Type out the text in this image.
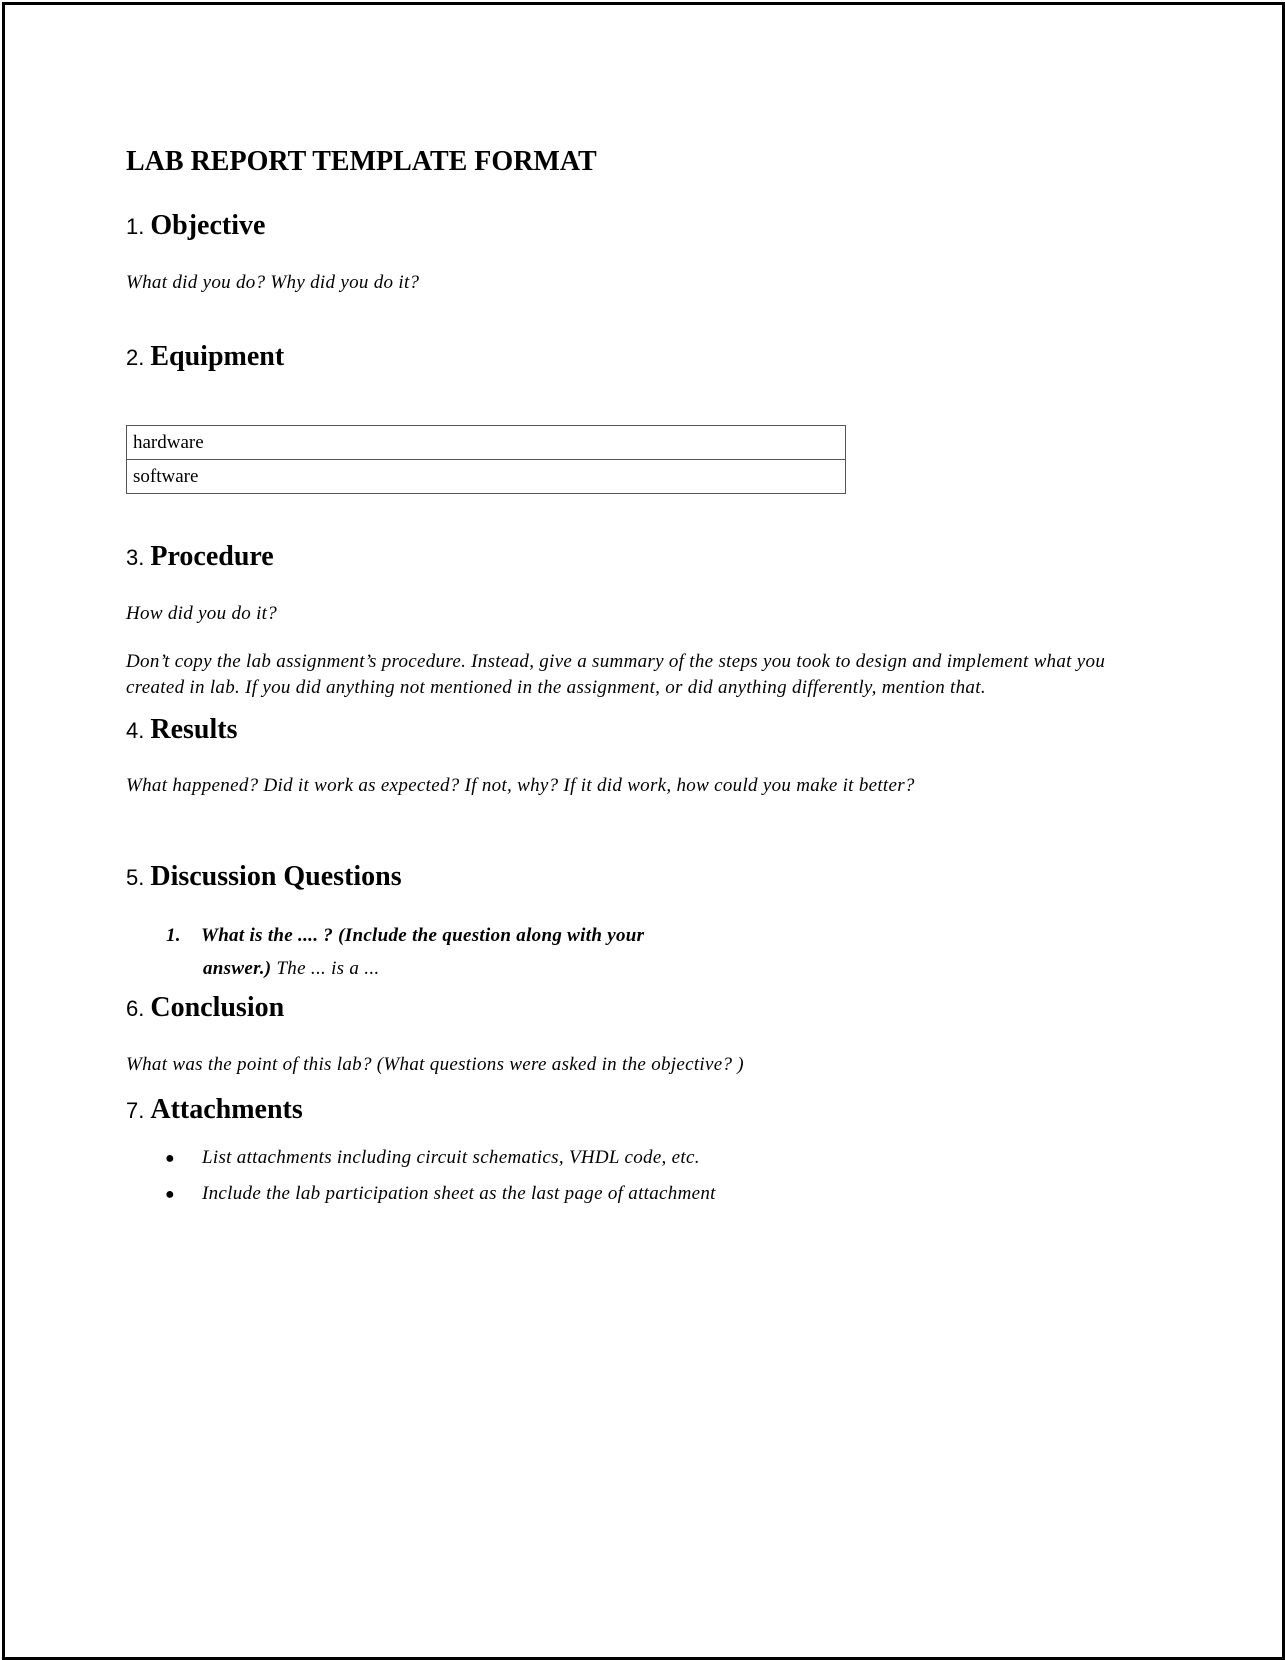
LAB REPORT TEMPLATE FORMAT
1. Objective

What did you do? Why did you do it?

2. Equipment
hardware
software
3. Procedure

How did you do it?

Don’t copy the lab assignment’s procedure. Instead, give a summary of the steps you took to design and implement what you created in lab. If you did anything not mentioned in the assignment, or did anything differently, mention that.

4. Results

What happened? Did it work as expected? If not, why? If it did work, how could you make it better?

5. Discussion Questions
1. What is the .... ? (Include the question along with your
answer.) The ... is a ...
6. Conclusion

What was the point of this lab? (What questions were asked in the objective? )

7. Attachments
● List attachments including circuit schematics, VHDL code, etc.
● Include the lab participation sheet as the last page of attachment
